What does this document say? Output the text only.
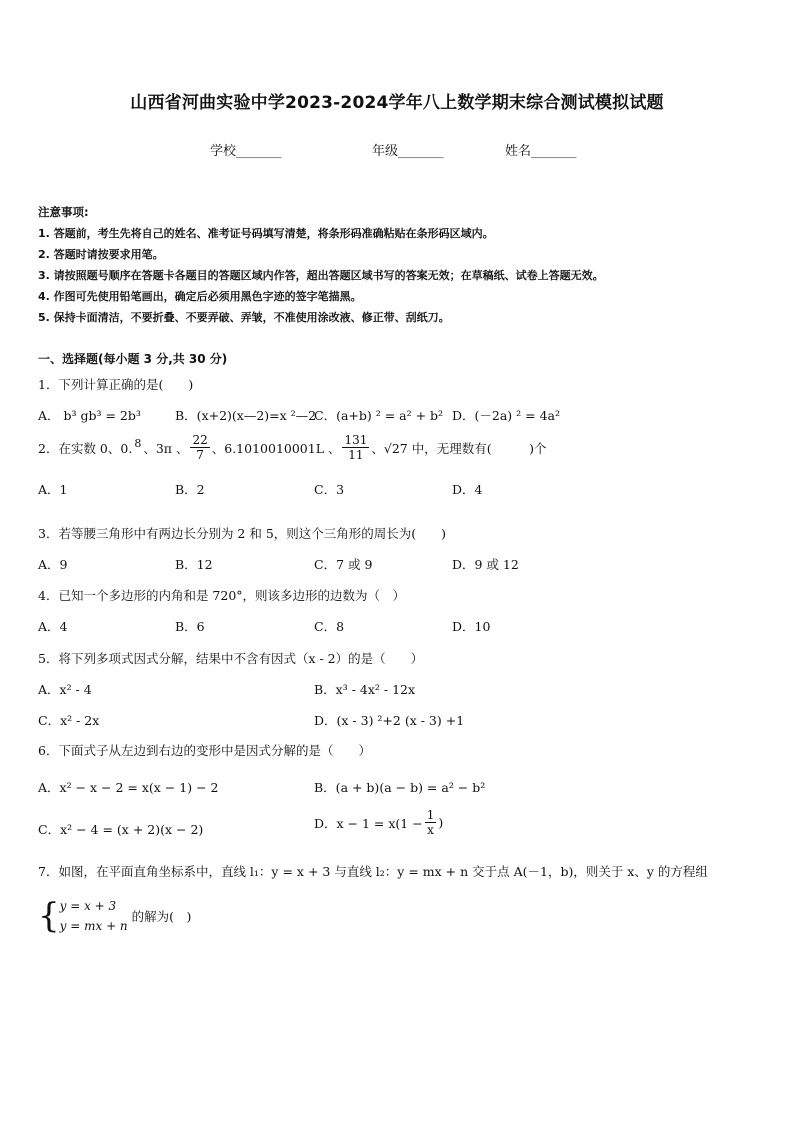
山西省河曲实验中学2023-2024学年八上数学期末综合测试模拟试题
学校_______	年级_______	姓名_______
注意事项:
1. 答题前，考生先将自己的姓名、准考证号码填写清楚，将条形码准确粘贴在条形码区域内。
2. 答题时请按要求用笔。
3. 请按照题号顺序在答题卡各题目的答题区域内作答，超出答题区域书写的答案无效；在草稿纸、试卷上答题无效。
4. 作图可先使用铅笔画出，确定后必须用黑色字迹的签字笔描黑。
5. 保持卡面清洁，不要折叠、不要弄破、弄皱，不准使用涂改液、修正带、刮纸刀。
一、选择题(每小题 3 分,共 30 分)
1．下列计算正确的是(　　)
A． b³ gb³ = 2b³	B．(x+2)(x—2)=x ²—2
C．(a+b) ² = a² + b² D．(－2a) ² = 4a²
2．在实数 0、0. 8 、3π 、 $\frac{22}{7}$ 、6.1010010001L 、 $\frac{131}{11}$ 、√27 中，无理数有(　　　)个
A．1	B．2	C．3	D．4
3．若等腰三角形中有两边长分别为 2 和 5，则这个三角形的周长为(　　)
A．9	B．12	C．7 或 9	D．9 或 12
4．已知一个多边形的内角和是 720°，则该多边形的边数为（　）
A．4	B．6	C．8	D．10
5．将下列多项式因式分解，结果中不含有因式（x - 2）的是（　　）
A．x² - 4	B．x³ - 4x² - 12x
C．x² - 2x	D．(x - 3) ²+2 (x - 3) +1
6．下面式子从左边到右边的变形中是因式分解的是（　　）
A．x² − x − 2 = x(x − 1) − 2	B．(a + b)(a − b) = a² − b²
C．x² − 4 = (x + 2)(x − 2)	D．$x - 1 = x(1 - \frac{1}{x}$ )
7．如图，在平面直角坐标系中，直线 l₁：y = x + 3 与直线 l₂：y = mx + n 交于点 A(－1，b)，则关于 x、y 的方程组
{ y = x + 3
y = mx + n
的解为(　)
